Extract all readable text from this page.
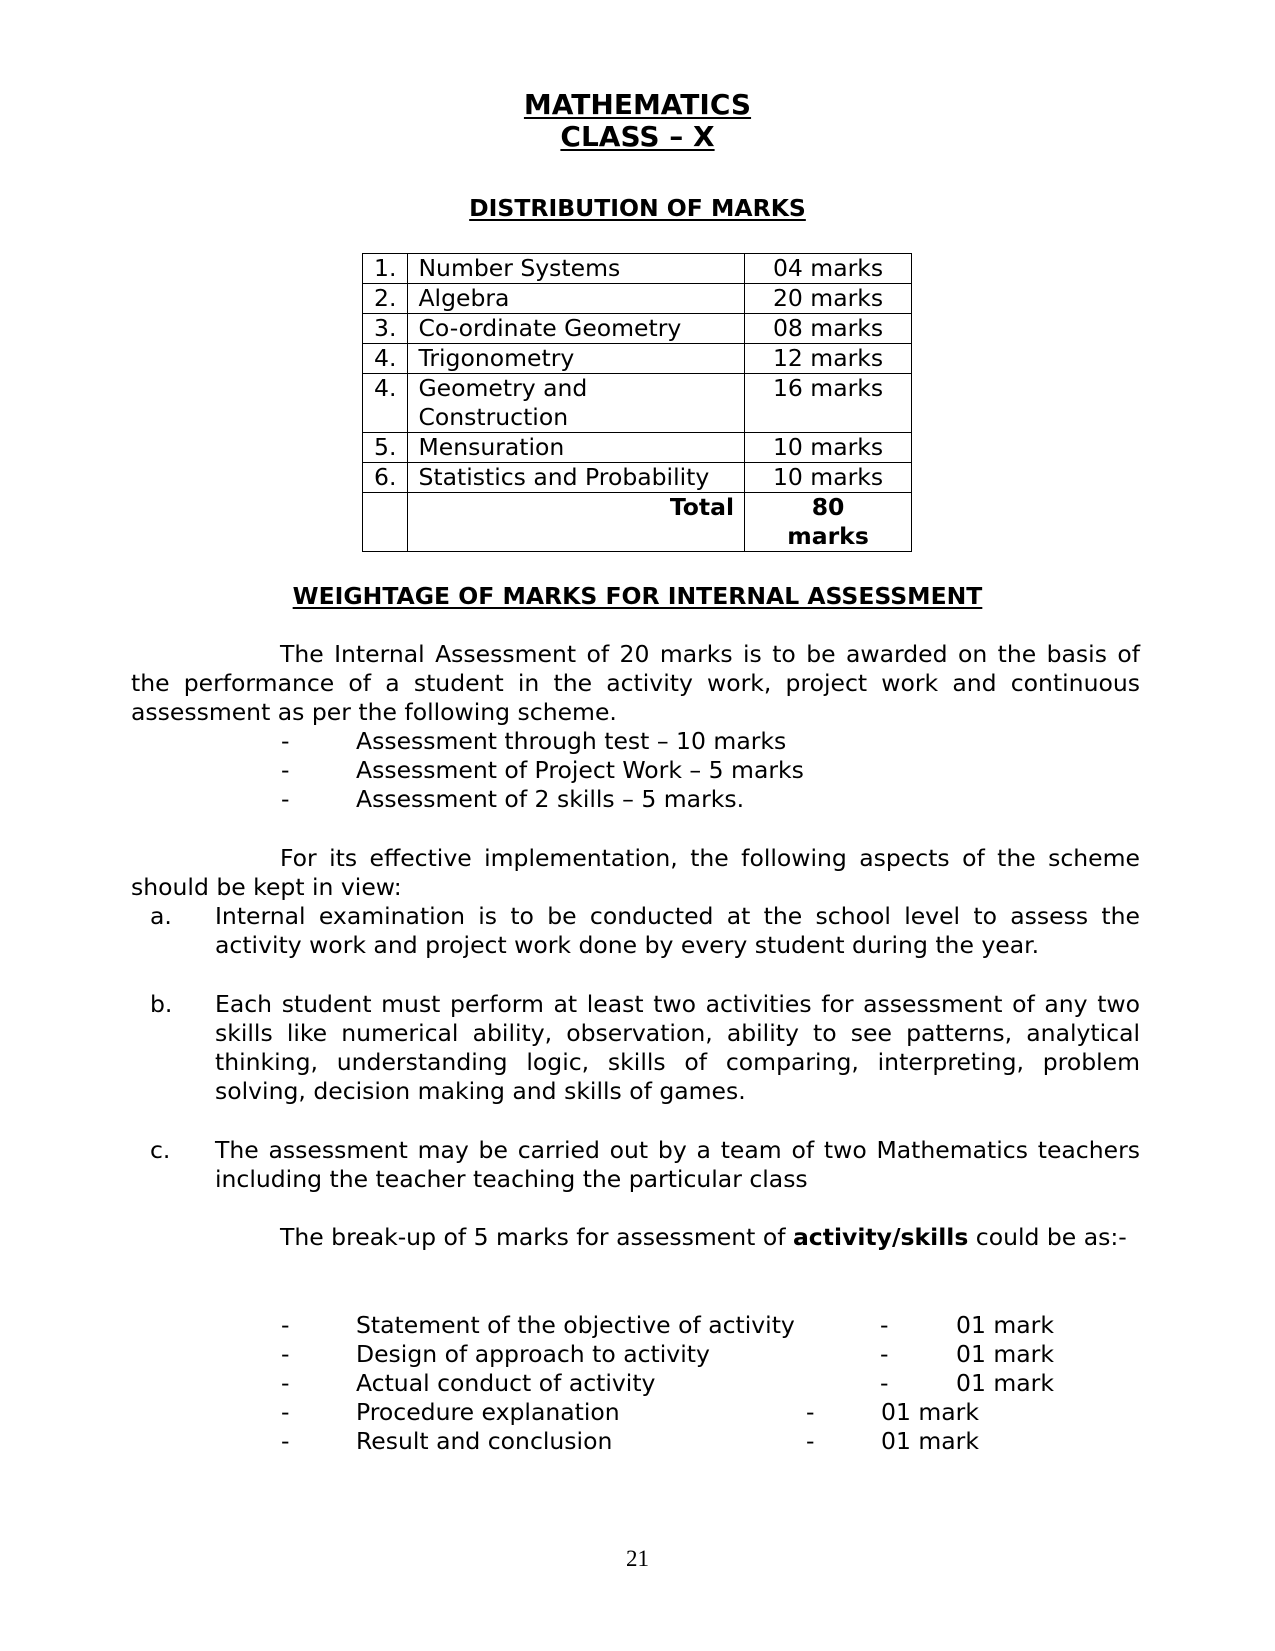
MATHEMATICS
CLASS – X
DISTRIBUTION OF MARKS
1.	Number Systems	04 marks
2.	Algebra	20 marks
3.	Co-ordinate Geometry	08 marks
4.	Trigonometry	12 marks
4.	Geometry and Construction	16 marks
5.	Mensuration	10 marks
6.	Statistics and Probability	10 marks
	Total	80 marks
WEIGHTAGE OF MARKS FOR INTERNAL ASSESSMENT
The Internal Assessment of 20 marks is to be awarded on the basis of the performance of a student in the activity work, project work and continuous assessment as per the following scheme.
-	Assessment through test – 10 marks
-	Assessment of Project Work – 5 marks
-	Assessment of 2 skills – 5 marks.
For its effective implementation, the following aspects of the scheme should be kept in view:
a. Internal examination is to be conducted at the school level to assess the activity work and project work done by every student during the year.
b. Each student must perform at least two activities for assessment of any two skills like numerical ability, observation, ability to see patterns, analytical thinking, understanding logic, skills of comparing, interpreting, problem solving, decision making and skills of games.
c. The assessment may be carried out by a team of two Mathematics teachers including the teacher teaching the particular class
The break-up of 5 marks for assessment of activity/skills could be as:-
-	Statement of the objective of activity	-	01 mark
-	Design of approach to activity	-	01 mark
-	Actual conduct of activity	-	01 mark
-	Procedure explanation	-	01 mark
-	Result and conclusion	-	01 mark
21
